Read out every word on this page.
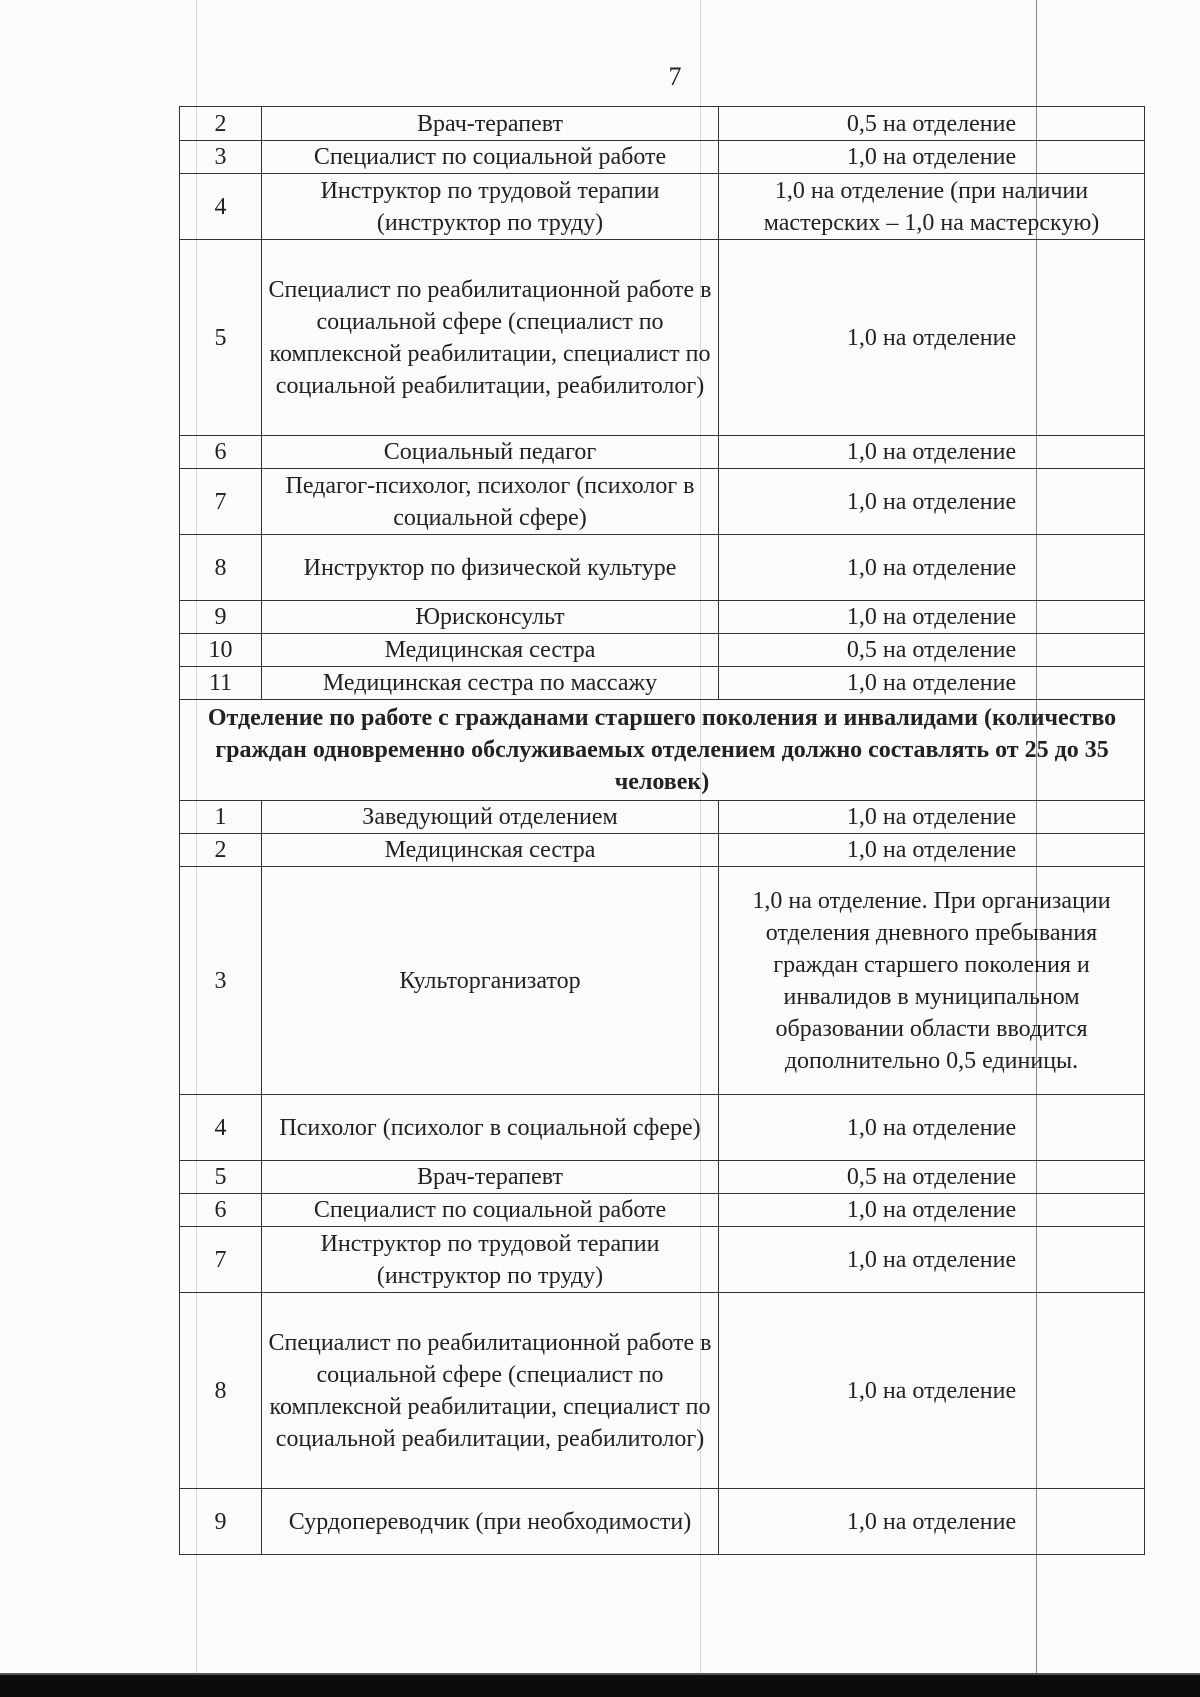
7
2	Врач-терапевт	0,5 на отделение
3	Специалист по социальной работе	1,0 на отделение
4	Инструктор по трудовой терапии (инструктор по труду)	1,0 на отделение (при наличии мастерских – 1,0 на мастерскую)
5	Специалист по реабилитационной работе в социальной сфере (специалист по комплексной реабилитации, специалист по социальной реабилитации, реабилитолог)	1,0 на отделение
6	Социальный педагог	1,0 на отделение
7	Педагог-психолог, психолог (психолог в социальной сфере)	1,0 на отделение
8	Инструктор по физической культуре	1,0 на отделение
9	Юрисконсульт	1,0 на отделение
10	Медицинская сестра	0,5 на отделение
11	Медицинская сестра по массажу	1,0 на отделение
Отделение по работе с гражданами старшего поколения и инвалидами (количество граждан одновременно обслуживаемых отделением должно составлять от 25 до 35 человек)		
1	Заведующий отделением	1,0 на отделение
2	Медицинская сестра	1,0 на отделение
3	Культорганизатор	1,0 на отделение. При организации отделения дневного пребывания граждан старшего поколения и инвалидов в муниципальном образовании области вводится дополнительно 0,5 единицы.
4	Психолог (психолог в социальной сфере)	1,0 на отделение
5	Врач-терапевт	0,5 на отделение
6	Специалист по социальной работе	1,0 на отделение
7	Инструктор по трудовой терапии (инструктор по труду)	1,0 на отделение
8	Специалист по реабилитационной работе в социальной сфере (специалист по комплексной реабилитации, специалист по социальной реабилитации, реабилитолог)	1,0 на отделение
9	Сурдопереводчик (при необходимости)	1,0 на отделение
